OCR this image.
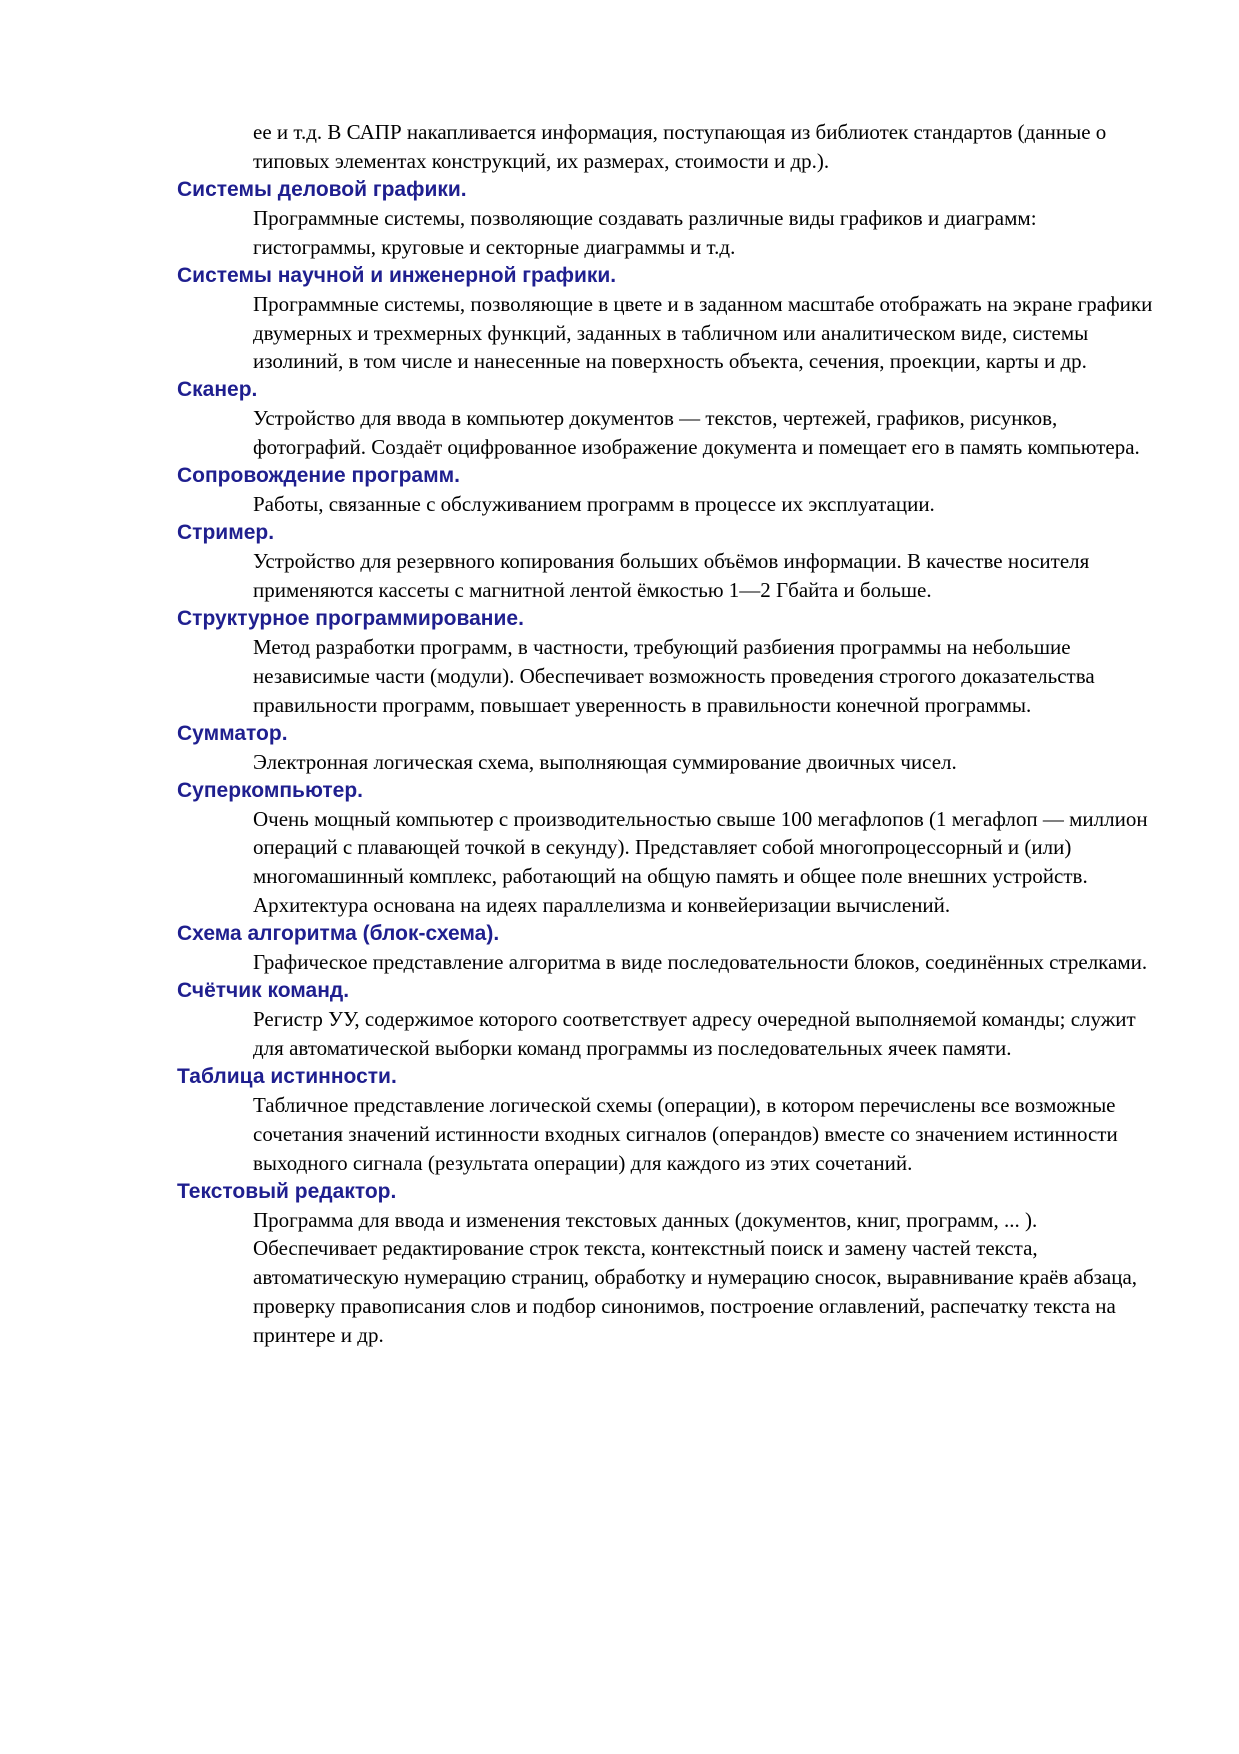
ее и т.д. В САПР накапливается информация, поступающая из библиотек стандартов (данные о типовых элементах конструкций, их размерах, стоимости и др.).

Системы деловой графики.

Программные системы, позволяющие создавать различные виды графиков и диаграмм: гистограммы, круговые и секторные диаграммы и т.д.

Системы научной и инженерной графики.

Программные системы, позволяющие в цвете и в заданном масштабе отображать на экране графики двумерных и трехмерных функций, заданных в табличном или аналитическом виде, системы изолиний, в том числе и нанесенные на поверхность объекта, сечения, проекции, карты и др.

Сканер.

Устройство для ввода в компьютер документов — текстов, чертежей, графиков, рисунков, фотографий. Создаёт оцифрованное изображение документа и помещает его в память компьютера.

Сопровождение программ.

Работы, связанные с обслуживанием программ в процессе их эксплуатации.

Стример.

Устройство для резервного копирования больших объёмов информации. В качестве носителя применяются кассеты с магнитной лентой ёмкостью 1—2 Гбайта и больше.

Структурное программирование.

Метод разработки программ, в частности, требующий разбиения программы на небольшие независимые части (модули). Обеспечивает возможность проведения строгого доказательства правильности программ, повышает уверенность в правильности конечной программы.

Сумматор.

Электронная логическая схема, выполняющая суммирование двоичных чисел.

Суперкомпьютер.

Очень мощный компьютер с производительностью свыше 100 мегафлопов (1 мегафлоп — миллион операций с плавающей точкой в секунду). Представляет собой многопроцессорный и (или) многомашинный комплекс, работающий на общую память и общее поле внешних устройств. Архитектура основана на идеях параллелизма и конвейеризации вычислений.

Схема алгоритма (блок-схема).

Графическое представление алгоритма в виде последовательности блоков, соединённых стрелками.

Счётчик команд.

Регистр УУ, содержимое которого соответствует адресу очередной выполняемой команды; служит для автоматической выборки команд программы из последовательных ячеек памяти.

Таблица истинности.

Табличное представление логической схемы (операции), в котором перечислены все возможные сочетания значений истинности входных сигналов (операндов) вместе со значением истинности выходного сигнала (результата операции) для каждого из этих сочетаний.

Текстовый редактор.

Программа для ввода и изменения текстовых данных (документов, книг, программ, ... ). Обеспечивает редактирование строк текста, контекстный поиск и замену частей текста, автоматическую нумерацию страниц, обработку и нумерацию сносок, выравнивание краёв абзаца, проверку правописания слов и подбор синонимов, построение оглавлений, распечатку текста на принтере и др.
